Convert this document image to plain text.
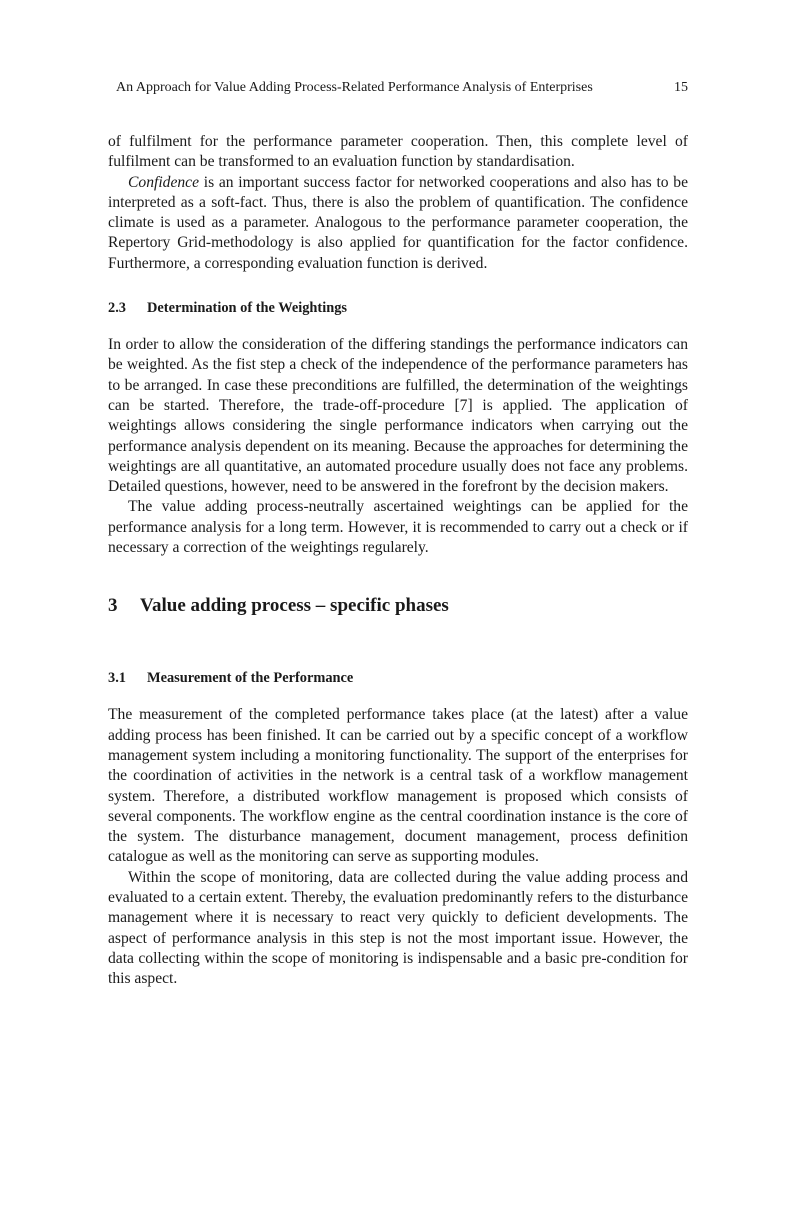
An Approach for Value Adding Process-Related Performance Analysis of Enterprises	15

of fulfilment for the performance parameter cooperation. Then, this complete level of fulfilment can be transformed to an evaluation function by standardisation.

Confidence is an important success factor for networked cooperations and also has to be interpreted as a soft-fact. Thus, there is also the problem of quantification. The confidence climate is used as a parameter. Analogous to the performance parameter cooperation, the Repertory Grid-methodology is also applied for quantification for the factor confidence. Furthermore, a corresponding evaluation function is derived.

2.3 Determination of the Weightings

In order to allow the consideration of the differing standings the performance indicators can be weighted. As the fist step a check of the independence of the performance parameters has to be arranged. In case these preconditions are fulfilled, the determination of the weightings can be started. Therefore, the trade-off-procedure [7] is applied. The application of weightings allows considering the single performance indicators when carrying out the performance analysis dependent on its meaning. Because the approaches for determining the weightings are all quantitative, an automated procedure usually does not face any problems. Detailed questions, however, need to be answered in the forefront by the decision makers.

The value adding process-neutrally ascertained weightings can be applied for the performance analysis for a long term. However, it is recommended to carry out a check or if necessary a correction of the weightings regularely.

3 Value adding process – specific phases
3.1 Measurement of the Performance

The measurement of the completed performance takes place (at the latest) after a value adding process has been finished. It can be carried out by a specific concept of a workflow management system including a monitoring functionality. The support of the enterprises for the coordination of activities in the network is a central task of a workflow management system. Therefore, a distributed workflow management is proposed which consists of several components. The workflow engine as the central coordination instance is the core of the system. The disturbance management, document management, process definition catalogue as well as the monitoring can serve as supporting modules.

Within the scope of monitoring, data are collected during the value adding process and evaluated to a certain extent. Thereby, the evaluation predominantly refers to the disturbance management where it is necessary to react very quickly to deficient developments. The aspect of performance analysis in this step is not the most important issue. However, the data collecting within the scope of monitoring is indispensable and a basic pre-condition for this aspect.
